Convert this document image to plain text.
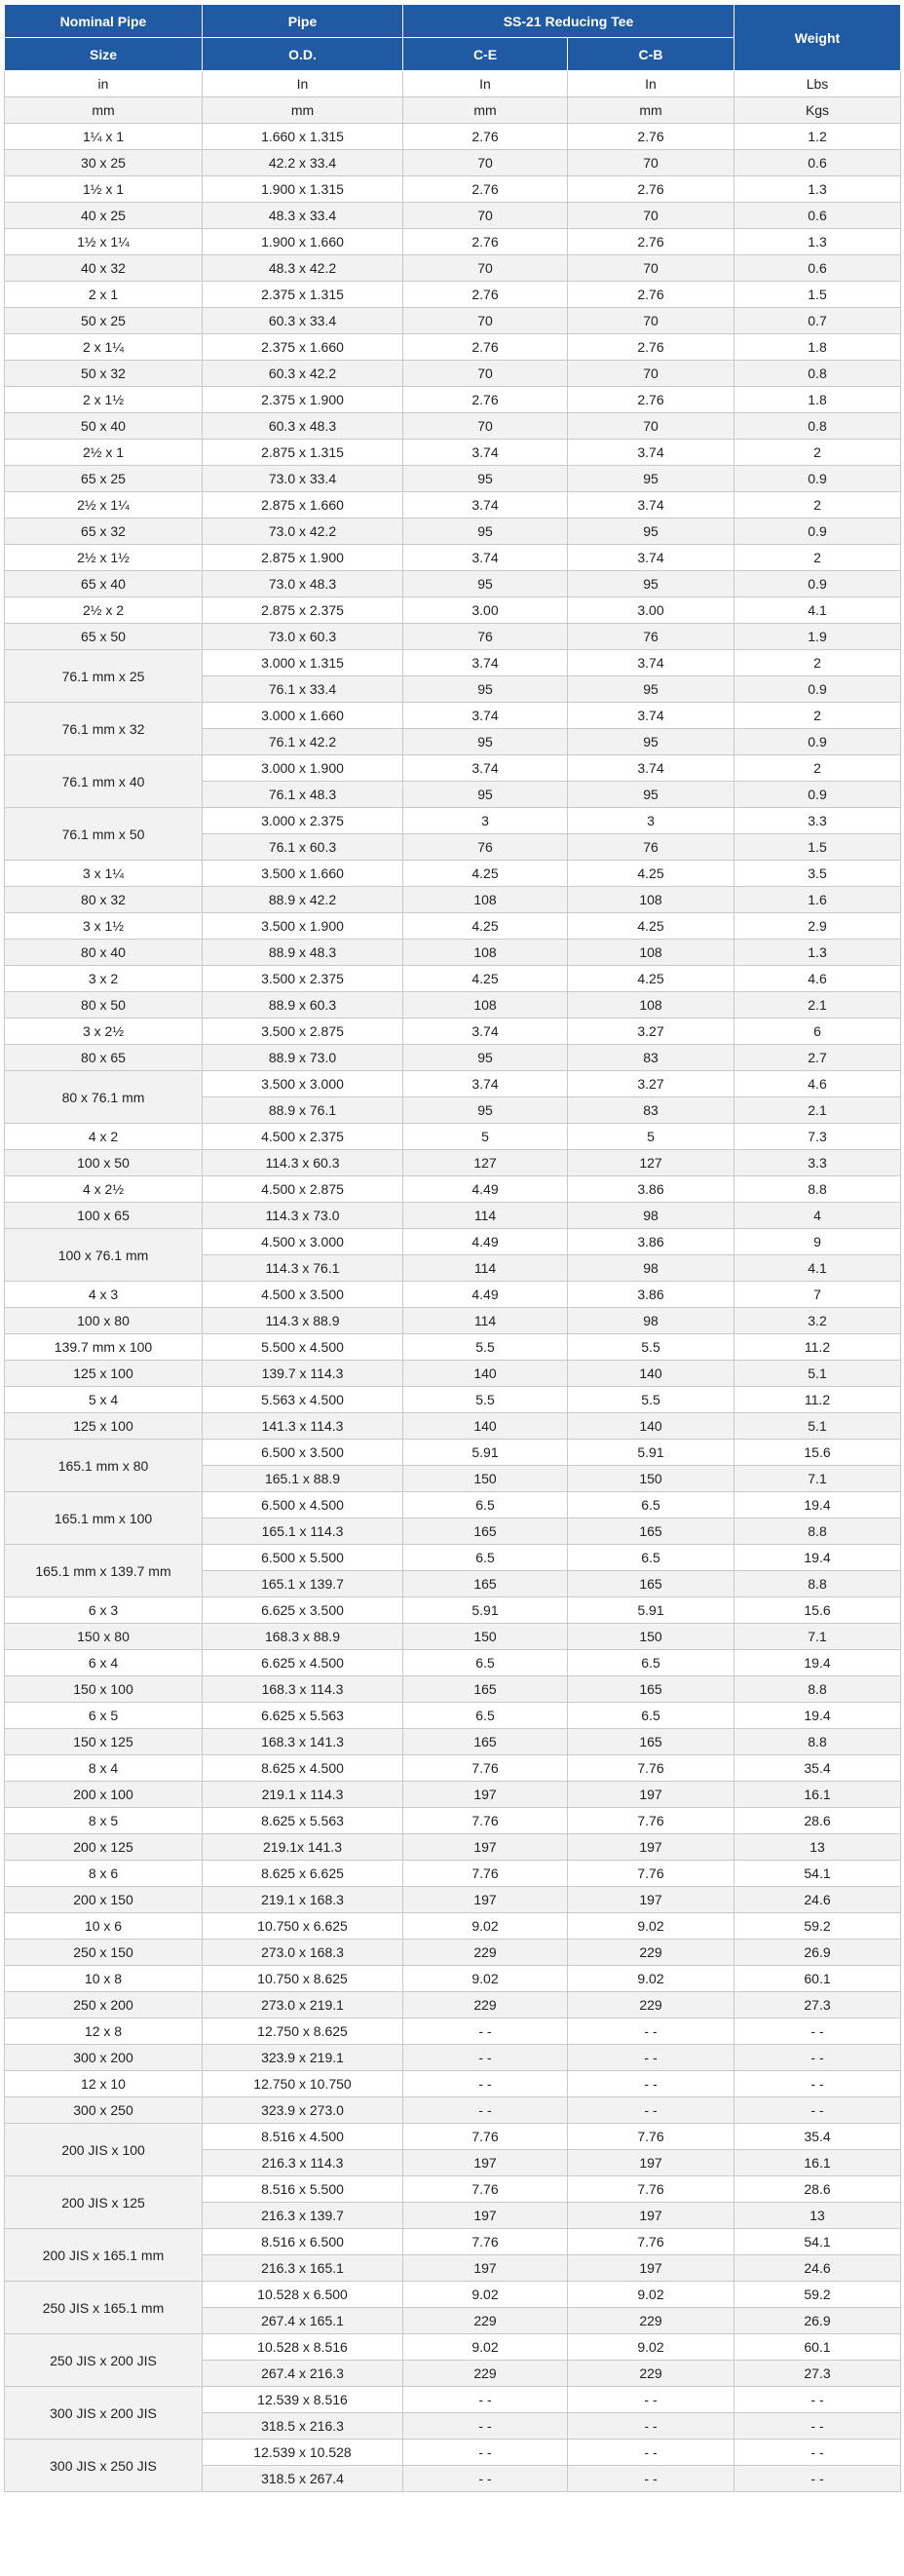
Nominal Pipe	Pipe	SS-21 Reducing Tee		Weight
Size	O.D.	C-E	C-B	
in	In	In	In	Lbs
mm	mm	mm	mm	Kgs
1¼ x 1	1.660 x 1.315	2.76	2.76	1.2
30 x 25	42.2 x 33.4	70	70	0.6
1½ x 1	1.900 x 1.315	2.76	2.76	1.3
40 x 25	48.3 x 33.4	70	70	0.6
1½ x 1¼	1.900 x 1.660	2.76	2.76	1.3
40 x 32	48.3 x 42.2	70	70	0.6
2 x 1	2.375 x 1.315	2.76	2.76	1.5
50 x 25	60.3 x 33.4	70	70	0.7
2 x 1¼	2.375 x 1.660	2.76	2.76	1.8
50 x 32	60.3 x 42.2	70	70	0.8
2 x 1½	2.375 x 1.900	2.76	2.76	1.8
50 x 40	60.3 x 48.3	70	70	0.8
2½ x 1	2.875 x 1.315	3.74	3.74	2
65 x 25	73.0 x 33.4	95	95	0.9
2½ x 1¼	2.875 x 1.660	3.74	3.74	2
65 x 32	73.0 x 42.2	95	95	0.9
2½ x 1½	2.875 x 1.900	3.74	3.74	2
65 x 40	73.0 x 48.3	95	95	0.9
2½ x 2	2.875 x 2.375	3.00	3.00	4.1
65 x 50	73.0 x 60.3	76	76	1.9
76.1 mm x 25	3.000 x 1.315	3.74	3.74	2
	76.1 x 33.4	95	95	0.9
76.1 mm x 32	3.000 x 1.660	3.74	3.74	2
	76.1 x 42.2	95	95	0.9
76.1 mm x 40	3.000 x 1.900	3.74	3.74	2
	76.1 x 48.3	95	95	0.9
76.1 mm x 50	3.000 x 2.375	3	3	3.3
	76.1 x 60.3	76	76	1.5
3 x 1¼	3.500 x 1.660	4.25	4.25	3.5
80 x 32	88.9 x 42.2	108	108	1.6
3 x 1½	3.500 x 1.900	4.25	4.25	2.9
80 x 40	88.9 x 48.3	108	108	1.3
3 x 2	3.500 x 2.375	4.25	4.25	4.6
80 x 50	88.9 x 60.3	108	108	2.1
3 x 2½	3.500 x 2.875	3.74	3.27	6
80 x 65	88.9 x 73.0	95	83	2.7
80 x 76.1 mm	3.500 x 3.000	3.74	3.27	4.6
	88.9 x 76.1	95	83	2.1
4 x 2	4.500 x 2.375	5	5	7.3
100 x 50	114.3 x 60.3	127	127	3.3
4 x 2½	4.500 x 2.875	4.49	3.86	8.8
100 x 65	114.3 x 73.0	114	98	4
100 x 76.1 mm	4.500 x 3.000	4.49	3.86	9
	114.3 x 76.1	114	98	4.1
4 x 3	4.500 x 3.500	4.49	3.86	7
100 x 80	114.3 x 88.9	114	98	3.2
139.7 mm x 100	5.500 x 4.500	5.5	5.5	11.2
125 x 100	139.7 x 114.3	140	140	5.1
5 x 4	5.563 x 4.500	5.5	5.5	11.2
125 x 100	141.3 x 114.3	140	140	5.1
165.1 mm x 80	6.500 x 3.500	5.91	5.91	15.6
	165.1 x 88.9	150	150	7.1
165.1 mm x 100	6.500 x 4.500	6.5	6.5	19.4
	165.1 x 114.3	165	165	8.8
165.1 mm x 139.7 mm	6.500 x 5.500	6.5	6.5	19.4
	165.1 x 139.7	165	165	8.8
6 x 3	6.625 x 3.500	5.91	5.91	15.6
150 x 80	168.3 x 88.9	150	150	7.1
6 x 4	6.625 x 4.500	6.5	6.5	19.4
150 x 100	168.3 x 114.3	165	165	8.8
6 x 5	6.625 x 5.563	6.5	6.5	19.4
150 x 125	168.3 x 141.3	165	165	8.8
8 x 4	8.625 x 4.500	7.76	7.76	35.4
200 x 100	219.1 x 114.3	197	197	16.1
8 x 5	8.625 x 5.563	7.76	7.76	28.6
200 x 125	219.1x 141.3	197	197	13
8 x 6	8.625 x 6.625	7.76	7.76	54.1
200 x 150	219.1 x 168.3	197	197	24.6
10 x 6	10.750 x 6.625	9.02	9.02	59.2
250 x 150	273.0 x 168.3	229	229	26.9
10 x 8	10.750 x 8.625	9.02	9.02	60.1
250 x 200	273.0 x 219.1	229	229	27.3
12 x 8	12.750 x 8.625	- -	- -	- -
300 x 200	323.9 x 219.1	- -	- -	- -
12 x 10	12.750 x 10.750	- -	- -	- -
300 x 250	323.9 x 273.0	- -	- -	- -
200 JIS x 100	8.516 x 4.500	7.76	7.76	35.4
	216.3 x 114.3	197	197	16.1
200 JIS x 125	8.516 x 5.500	7.76	7.76	28.6
	216.3 x 139.7	197	197	13
200 JIS x 165.1 mm	8.516 x 6.500	7.76	7.76	54.1
	216.3 x 165.1	197	197	24.6
250 JIS x 165.1 mm	10.528 x 6.500	9.02	9.02	59.2
	267.4 x 165.1	229	229	26.9
250 JIS x 200 JIS	10.528 x 8.516	9.02	9.02	60.1
	267.4 x 216.3	229	229	27.3
300 JIS x 200 JIS	12.539 x 8.516	- -	- -	- -
	318.5 x 216.3	- -	- -	- -
300 JIS x 250 JIS	12.539 x 10.528	- -	- -	- -
	318.5 x 267.4	- -	- -	- -
